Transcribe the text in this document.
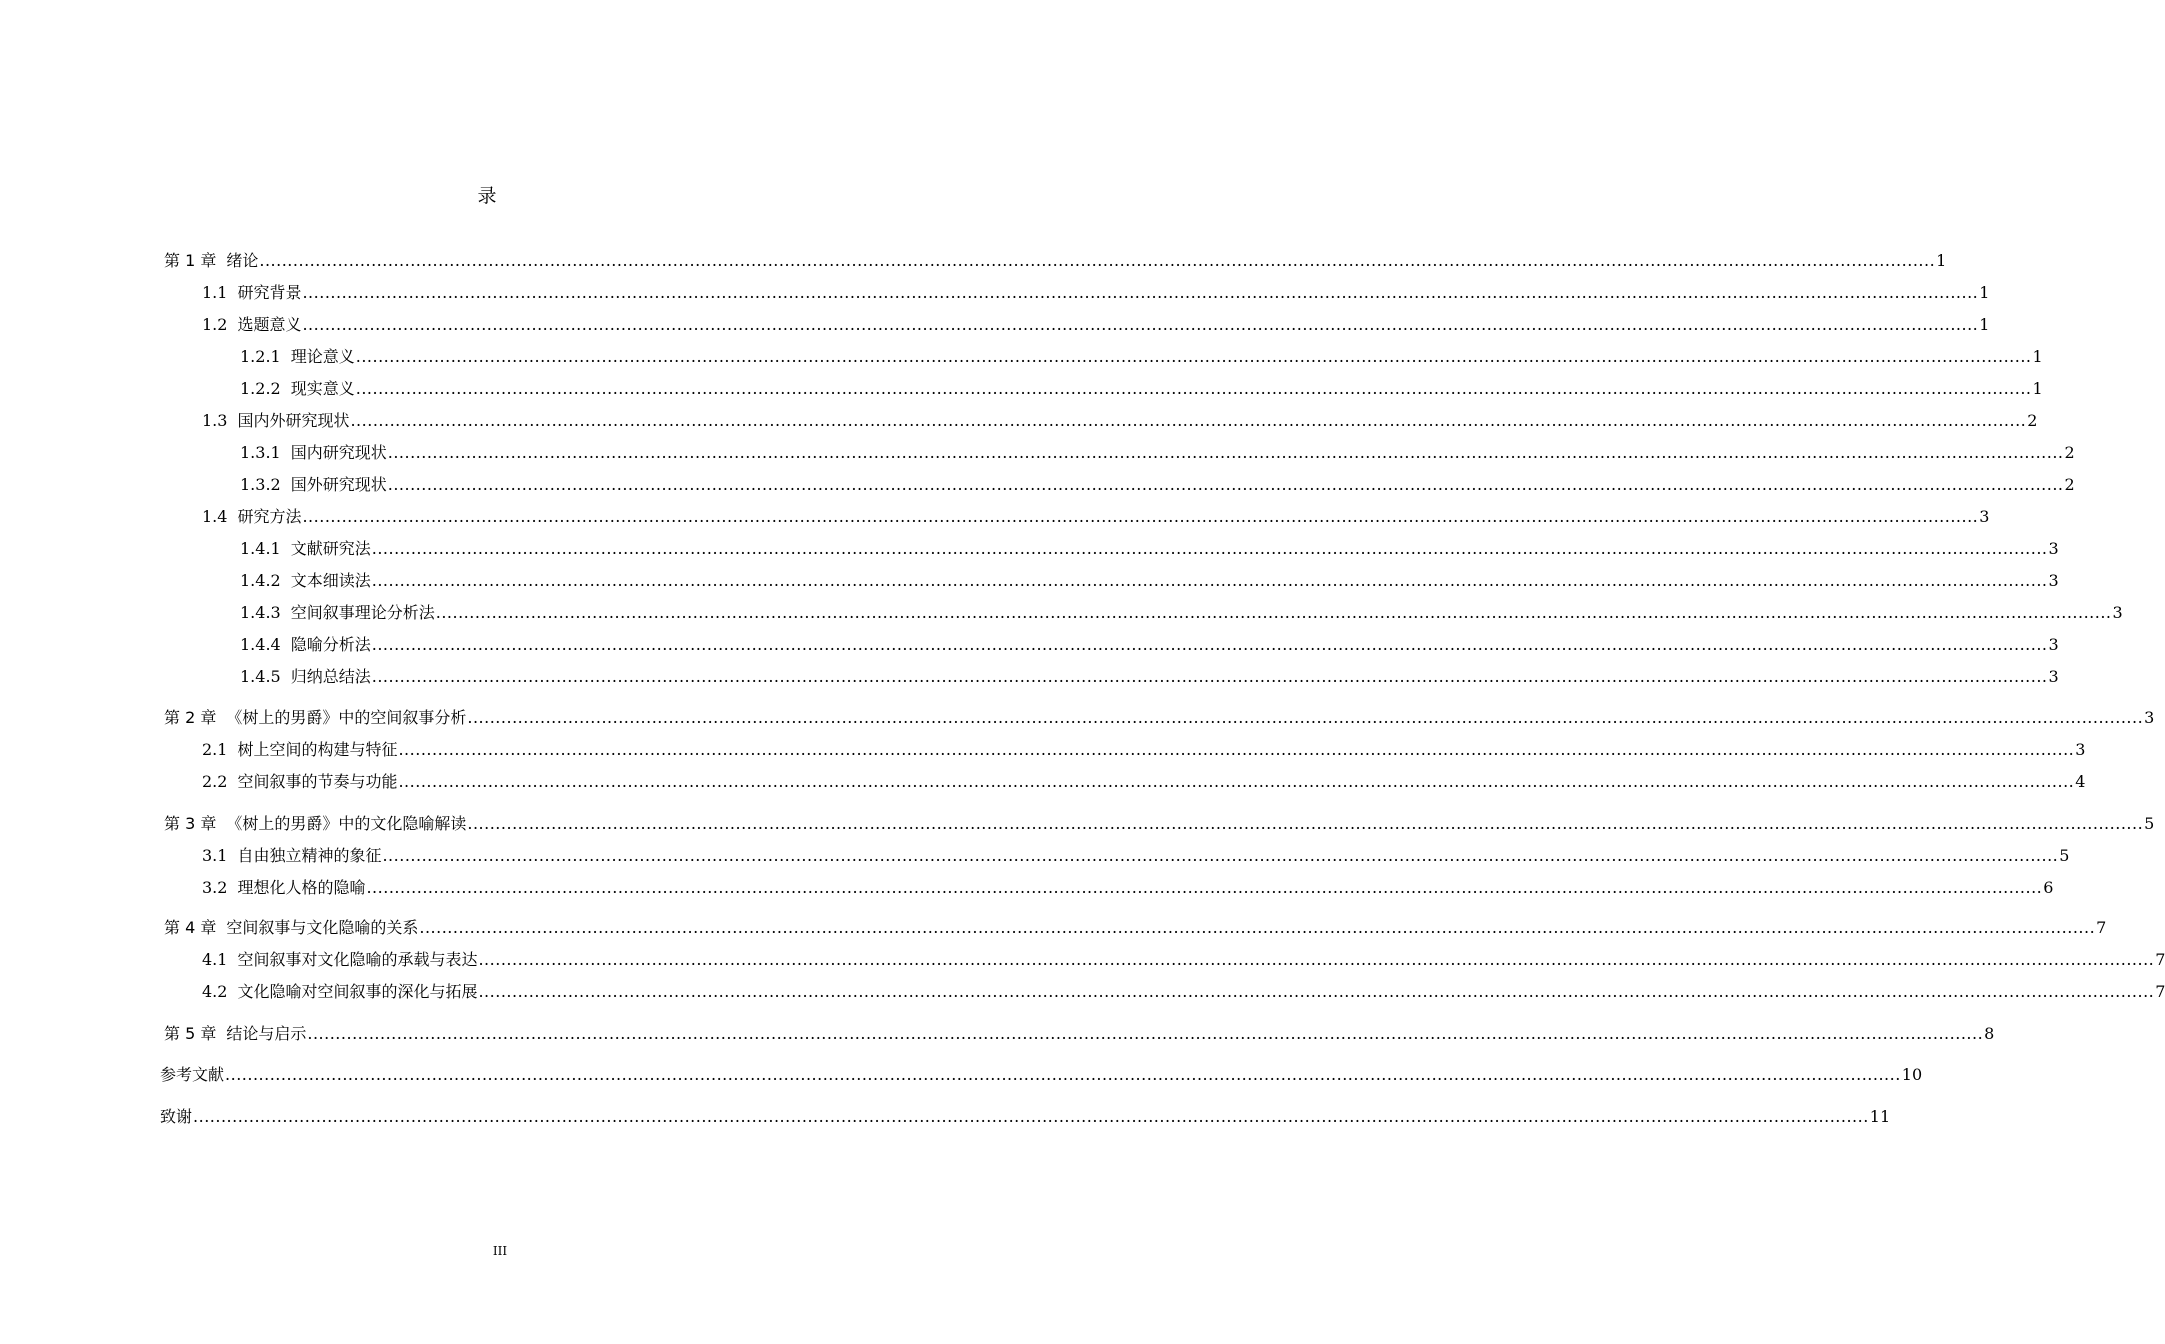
录
第 1 章 绪论 ............................................................................................................................................................................................................................................................................................................ 1
1.1 研究背景 ............................................................................................................................................................................................................................................................................................................ 1
1.2 选题意义 ............................................................................................................................................................................................................................................................................................................ 1
1.2.1 理论意义 ............................................................................................................................................................................................................................................................................................................ 1
1.2.2 现实意义 ............................................................................................................................................................................................................................................................................................................ 1
1.3 国内外研究现状 ............................................................................................................................................................................................................................................................................................................ 2
1.3.1 国内研究现状 ............................................................................................................................................................................................................................................................................................................ 2
1.3.2 国外研究现状 ............................................................................................................................................................................................................................................................................................................ 2
1.4 研究方法 ............................................................................................................................................................................................................................................................................................................ 3
1.4.1 文献研究法 ............................................................................................................................................................................................................................................................................................................ 3
1.4.2 文本细读法 ............................................................................................................................................................................................................................................................................................................ 3
1.4.3 空间叙事理论分析法 ............................................................................................................................................................................................................................................................................................................ 3
1.4.4 隐喻分析法 ............................................................................................................................................................................................................................................................................................................ 3
1.4.5 归纳总结法 ............................................................................................................................................................................................................................................................................................................ 3
第 2 章 《树上的男爵》中的空间叙事分析 ............................................................................................................................................................................................................................................................................................................ 3
2.1 树上空间的构建与特征 ............................................................................................................................................................................................................................................................................................................ 3
2.2 空间叙事的节奏与功能 ............................................................................................................................................................................................................................................................................................................ 4
第 3 章 《树上的男爵》中的文化隐喻解读 ............................................................................................................................................................................................................................................................................................................ 5
3.1 自由独立精神的象征 ............................................................................................................................................................................................................................................................................................................ 5
3.2 理想化人格的隐喻 ............................................................................................................................................................................................................................................................................................................ 6
第 4 章 空间叙事与文化隐喻的关系 ............................................................................................................................................................................................................................................................................................................ 7
4.1 空间叙事对文化隐喻的承载与表达 ............................................................................................................................................................................................................................................................................................................ 7
4.2 文化隐喻对空间叙事的深化与拓展 ............................................................................................................................................................................................................................................................................................................ 7
第 5 章 结论与启示 ............................................................................................................................................................................................................................................................................................................ 8
参考文献 ............................................................................................................................................................................................................................................................................................................ 10
致谢 ............................................................................................................................................................................................................................................................................................................ 11
III
